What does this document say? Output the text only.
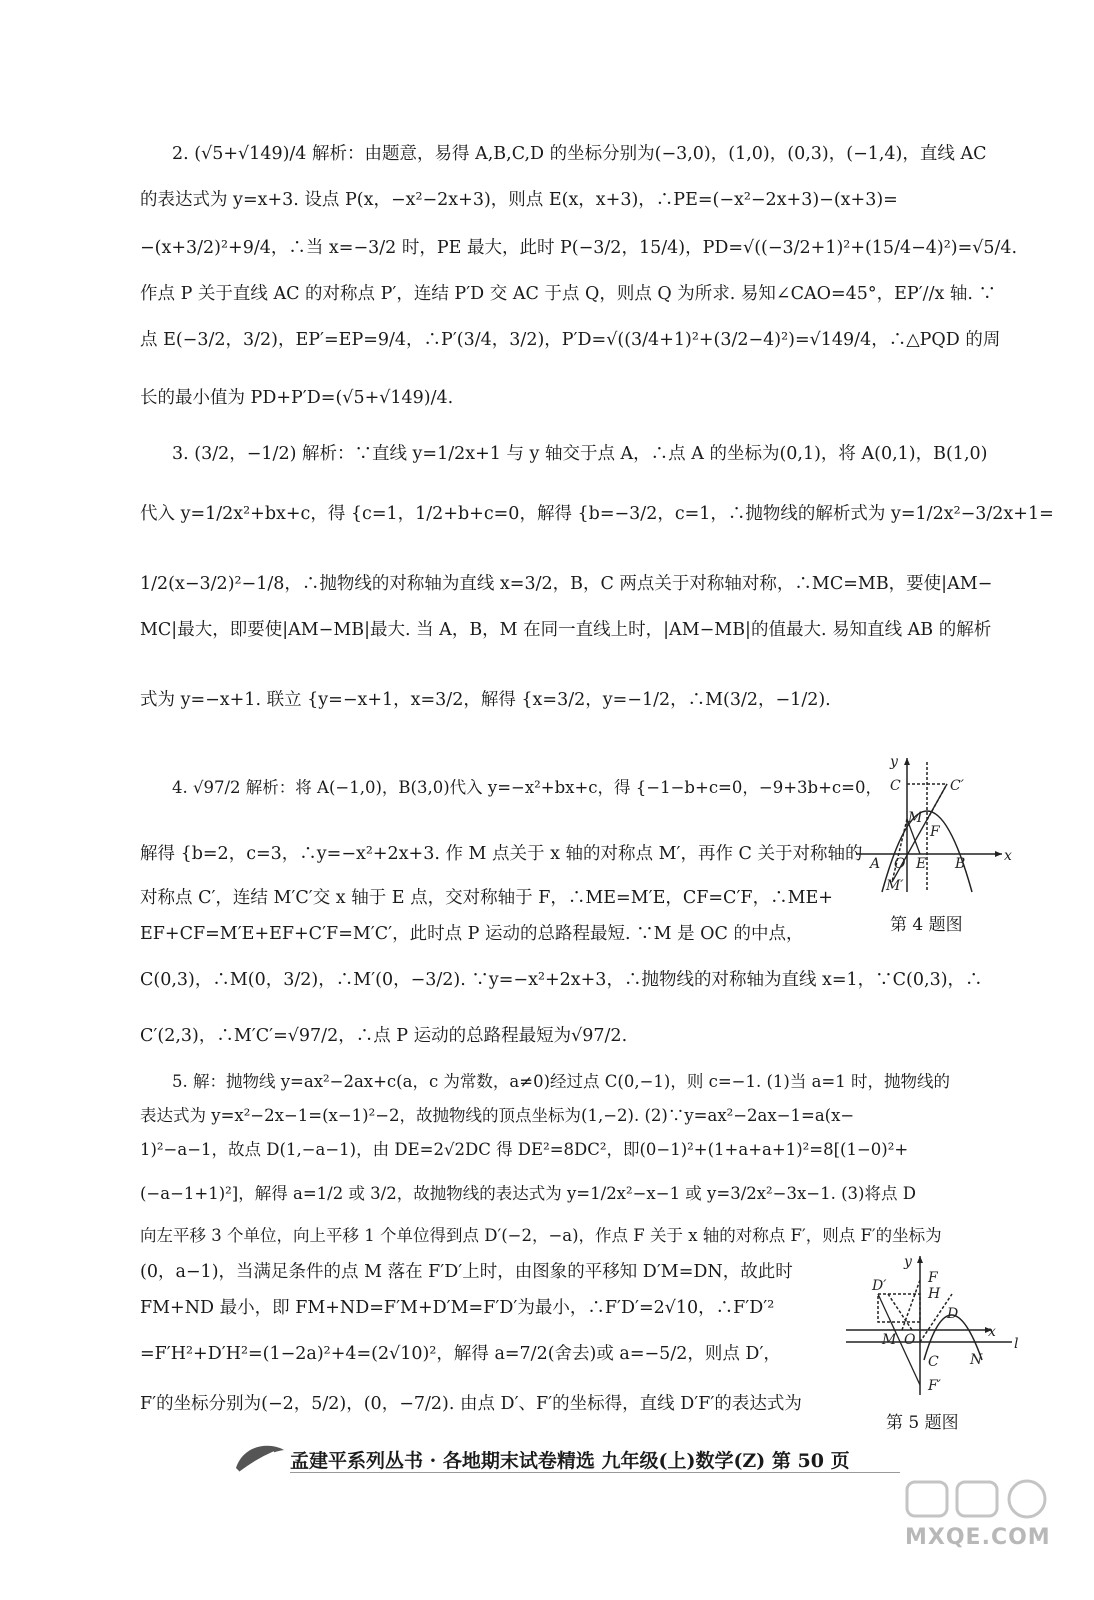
2. (√5+√149)/4 解析：由题意，易得 A,B,C,D 的坐标分别为(−3,0)，(1,0)，(0,3)，(−1,4)，直线 AC
的表达式为 y=x+3. 设点 P(x，−x²−2x+3)，则点 E(x，x+3)，∴PE=(−x²−2x+3)−(x+3)=
−(x+3/2)²+9/4，∴当 x=−3/2 时，PE 最大，此时 P(−3/2，15/4)，PD=√((−3/2+1)²+(15/4−4)²)=√5/4.
作点 P 关于直线 AC 的对称点 P′，连结 P′D 交 AC 于点 Q，则点 Q 为所求. 易知∠CAO=45°，EP′//x 轴. ∵
点 E(−3/2，3/2)，EP′=EP=9/4，∴P′(3/4，3/2)，P′D=√((3/4+1)²+(3/2−4)²)=√149/4，∴△PQD 的周
长的最小值为 PD+P′D=(√5+√149)/4.
3. (3/2，−1/2) 解析：∵直线 y=1/2x+1 与 y 轴交于点 A，∴点 A 的坐标为(0,1)，将 A(0,1)，B(1,0)
代入 y=1/2x²+bx+c，得 {c=1，1/2+b+c=0，解得 {b=−3/2，c=1，∴抛物线的解析式为 y=1/2x²−3/2x+1=
1/2(x−3/2)²−1/8，∴抛物线的对称轴为直线 x=3/2，B，C 两点关于对称轴对称，∴MC=MB，要使|AM−
MC|最大，即要使|AM−MB|最大. 当 A，B，M 在同一直线上时，|AM−MB|的值最大. 易知直线 AB 的解析
式为 y=−x+1. 联立 {y=−x+1，x=3/2，解得 {x=3/2，y=−1/2，∴M(3/2，−1/2).
4. √97/2 解析：将 A(−1,0)，B(3,0)代入 y=−x²+bx+c，得 {−1−b+c=0，−9+3b+c=0，
解得 {b=2，c=3，∴y=−x²+2x+3. 作 M 点关于 x 轴的对称点 M′，再作 C 关于对称轴的
对称点 C′，连结 M′C′交 x 轴于 E 点，交对称轴于 F，∴ME=M′E，CF=C′F，∴ME+
EF+CF=M′E+EF+C′F=M′C′，此时点 P 运动的总路程最短. ∵M 是 OC 的中点，
C(0,3)，∴M(0，3/2)，∴M′(0，−3/2). ∵y=−x²+2x+3，∴抛物线的对称轴为直线 x=1，∵C(0,3)，∴
C′(2,3)，∴M′C′=√97/2，∴点 P 运动的总路程最短为√97/2.
5. 解：抛物线 y=ax²−2ax+c(a，c 为常数，a≠0)经过点 C(0,−1)，则 c=−1. (1)当 a=1 时，抛物线的
表达式为 y=x²−2x−1=(x−1)²−2，故抛物线的顶点坐标为(1,−2). (2)∵y=ax²−2ax−1=a(x−
1)²−a−1，故点 D(1,−a−1)，由 DE=2√2DC 得 DE²=8DC²，即(0−1)²+(1+a+a+1)²=8[(1−0)²+
(−a−1+1)²]，解得 a=1/2 或 3/2，故抛物线的表达式为 y=1/2x²−x−1 或 y=3/2x²−3x−1. (3)将点 D
向左平移 3 个单位，向上平移 1 个单位得到点 D′(−2，−a)，作点 F 关于 x 轴的对称点 F′，则点 F′的坐标为
(0，a−1)，当满足条件的点 M 落在 F′D′上时，由图象的平移知 D′M=DN，故此时
FM+ND 最小，即 FM+ND=F′M+D′M=F′D′为最小，∴F′D′=2√10，∴F′D′²
=F′H²+D′H²=(1−2a)²+4=(2√10)²，解得 a=7/2(舍去)或 a=−5/2，则点 D′，
F′的坐标分别为(−2，5/2)，(0，−7/2). 由点 D′、F′的坐标得，直线 D′F′的表达式为
y
C	C′
M
F
A O E B	x
M′
第 4 题图
y
F
H
D′
D
M O	x
C N
l
F′
第 5 题图
孟建平系列丛书 · 各地期末试卷精选 九年级(上)数学(Z) 第 50 页
MXQE.COM
